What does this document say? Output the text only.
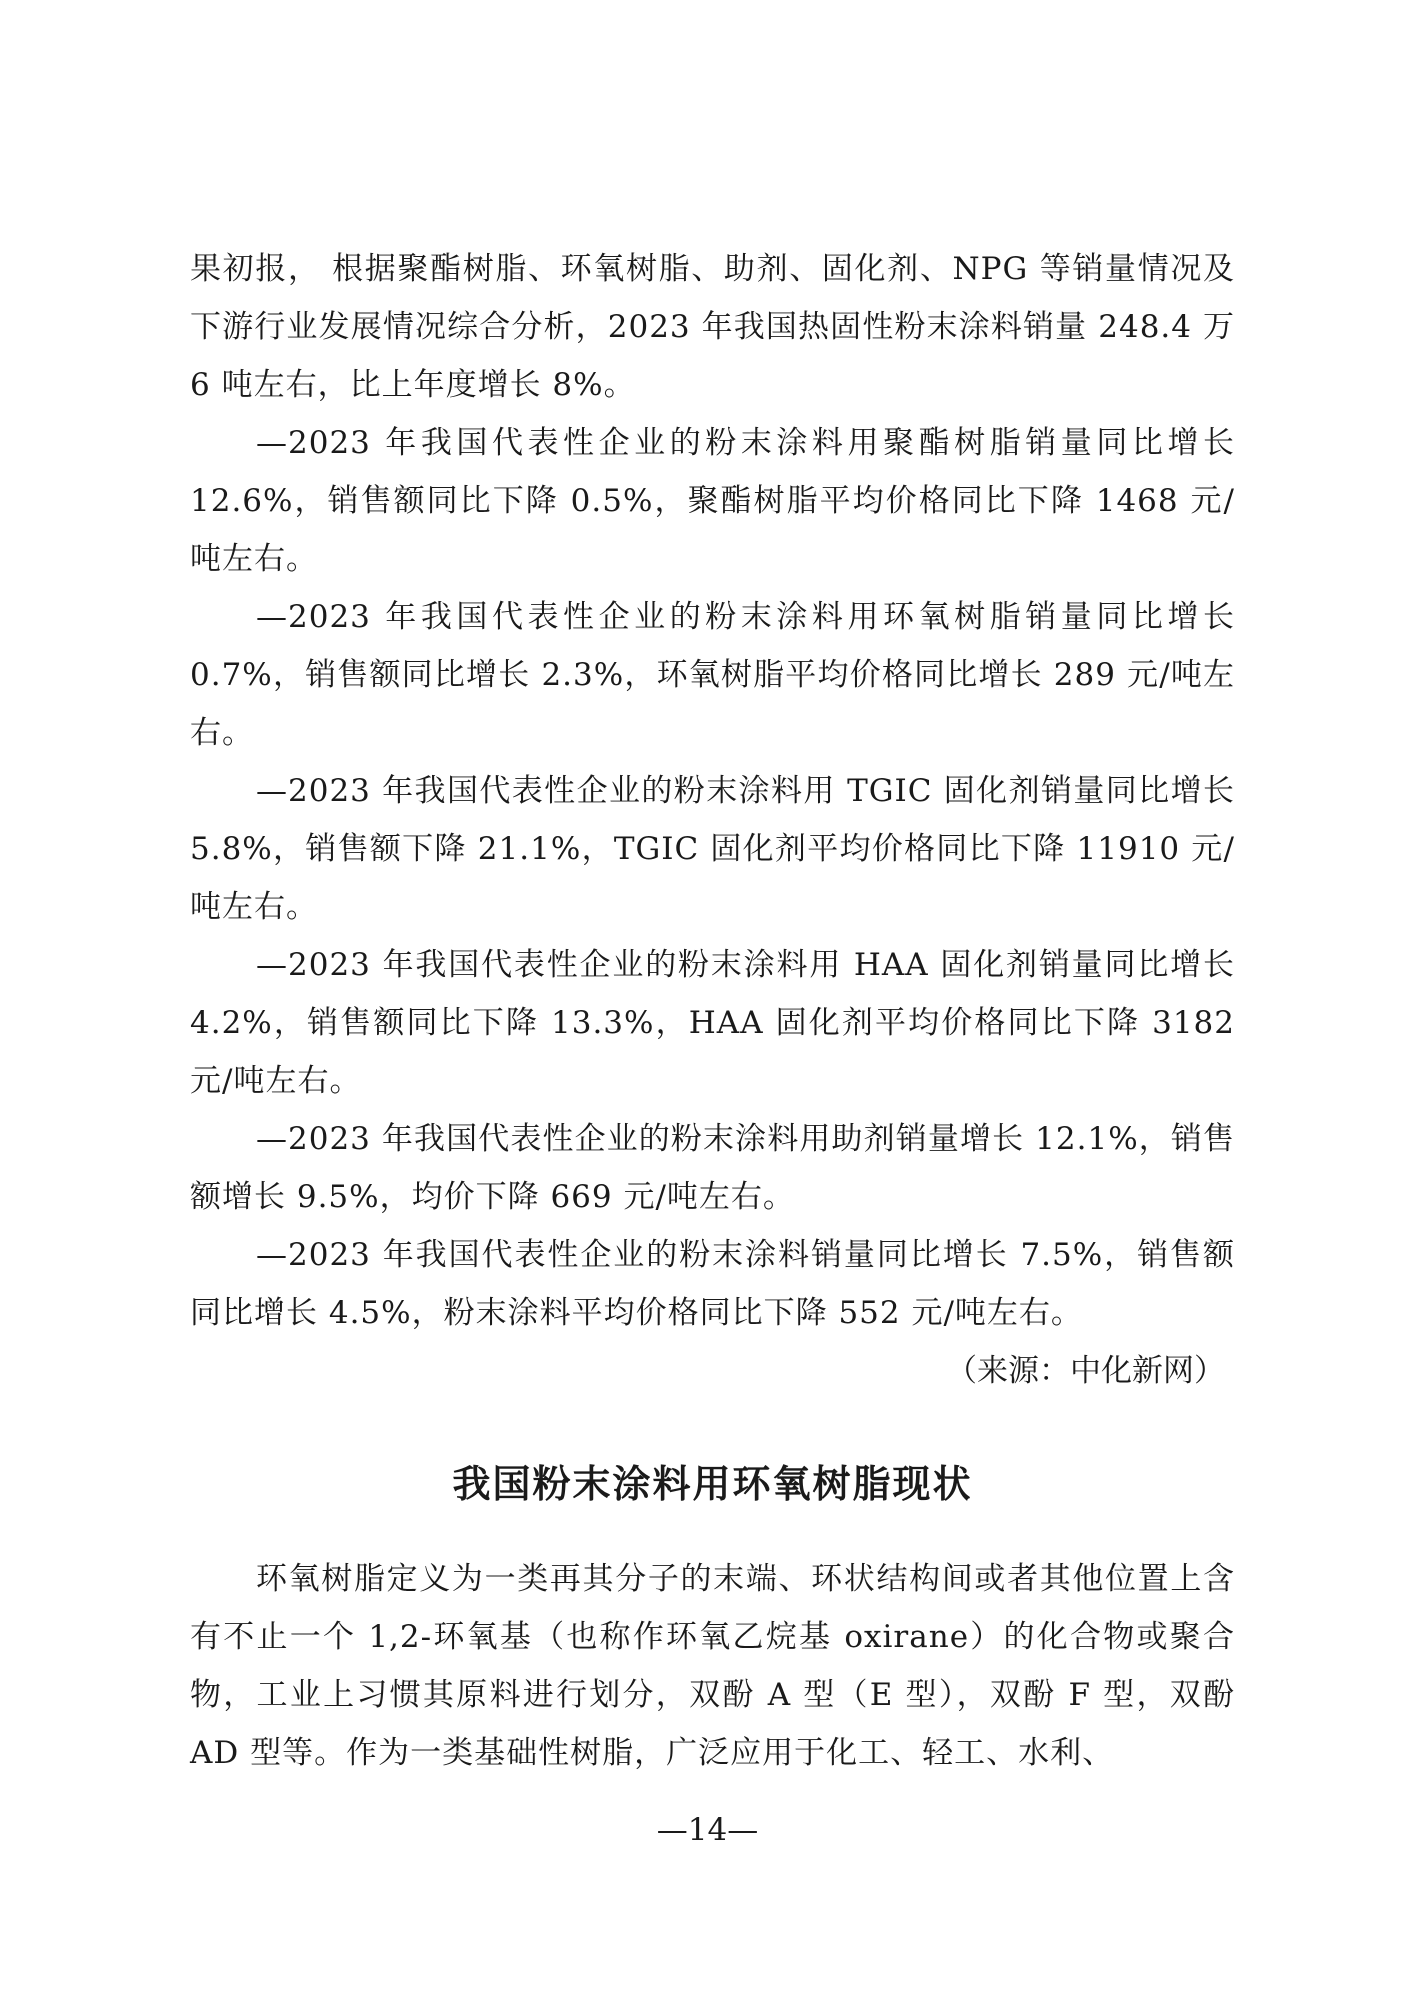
果初报， 根据聚酯树脂、环氧树脂、助剂、固化剂、NPG 等销量情况及下游行业发展情况综合分析，2023 年我国热固性粉末涂料销量 248.4 万 6 吨左右，比上年度增长 8%。

—2023 年我国代表性企业的粉末涂料用聚酯树脂销量同比增长 12.6%，销售额同比下降 0.5%，聚酯树脂平均价格同比下降 1468 元/吨左右。

—2023 年我国代表性企业的粉末涂料用环氧树脂销量同比增长 0.7%，销售额同比增长 2.3%，环氧树脂平均价格同比增长 289 元/吨左右。

—2023 年我国代表性企业的粉末涂料用 TGIC 固化剂销量同比增长 5.8%，销售额下降 21.1%，TGIC 固化剂平均价格同比下降 11910 元/吨左右。

—2023 年我国代表性企业的粉末涂料用 HAA 固化剂销量同比增长 4.2%，销售额同比下降 13.3%，HAA 固化剂平均价格同比下降 3182 元/吨左右。

—2023 年我国代表性企业的粉末涂料用助剂销量增长 12.1%，销售额增长 9.5%，均价下降 669 元/吨左右。

—2023 年我国代表性企业的粉末涂料销量同比增长 7.5%，销售额同比增长 4.5%，粉末涂料平均价格同比下降 552 元/吨左右。

（来源：中化新网）

我国粉末涂料用环氧树脂现状

环氧树脂定义为一类再其分子的末端、环状结构间或者其他位置上含有不止一个 1,2-环氧基（也称作环氧乙烷基 oxirane）的化合物或聚合物，工业上习惯其原料进行划分，双酚 A 型（E 型），双酚 F 型，双酚 AD 型等。作为一类基础性树脂，广泛应用于化工、轻工、水利、

—14—
